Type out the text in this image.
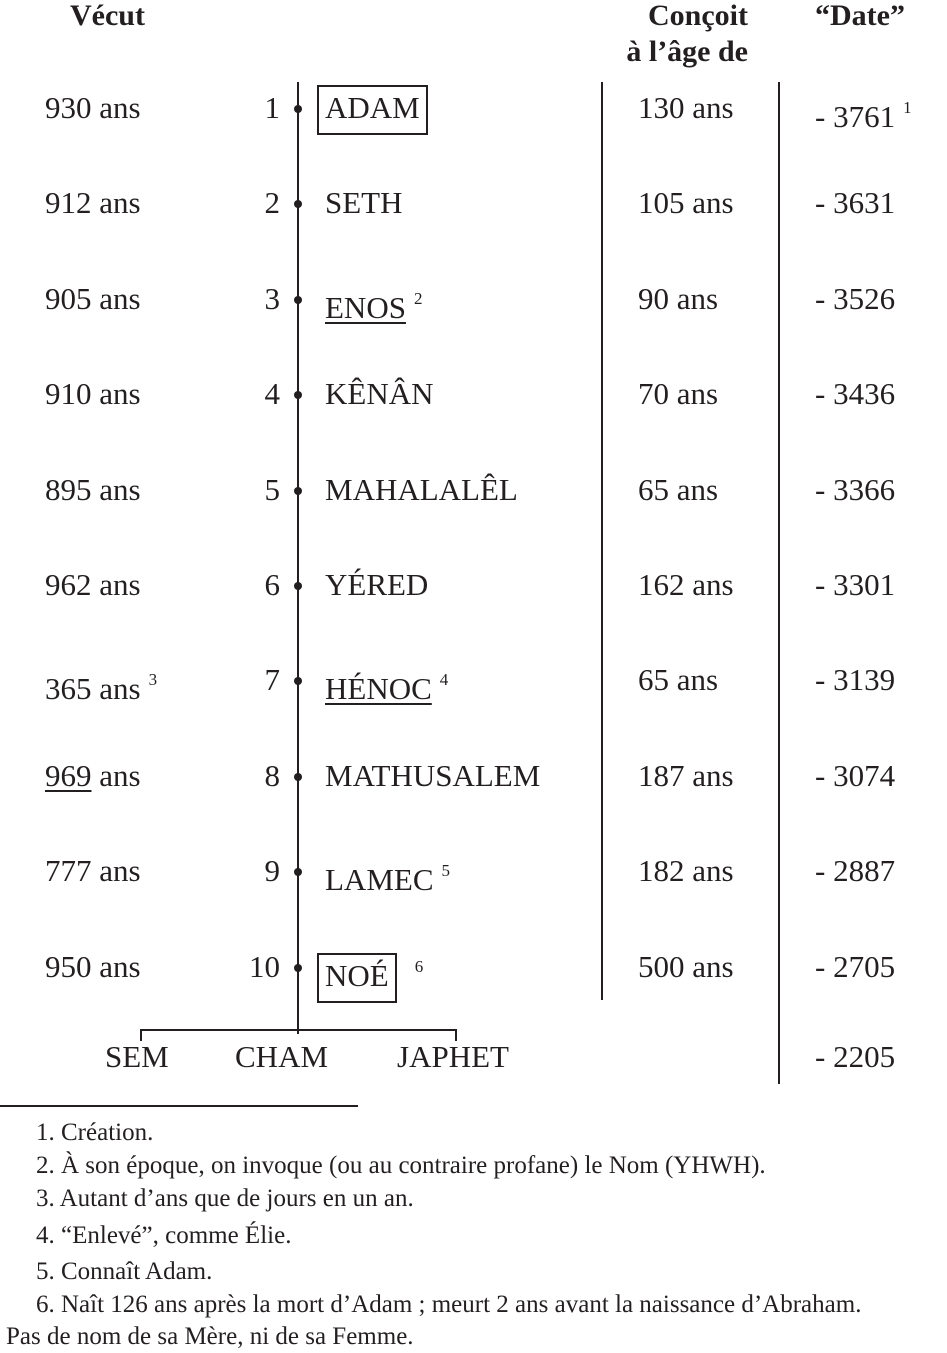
Vécut	Conçoit
à l’âge de
“Date”
930 ans	1 ADAM	130 ans	- 3761 $^1$
912 ans	2 SETH	105 ans	- 3631
905 ans	3 ENOS $^2$	90 ans	- 3526
910 ans	4 KÊNÂN	70 ans	- 3436
895 ans	5 MAHALALÊL	65 ans	- 3366
962 ans	6 YÉRED	162 ans	- 3301
365 ans $^3$	7 HÉNOC $^4$	65 ans	- 3139
969 ans	8 MATHUSALEM	187 ans	- 3074
777 ans	9 LAMEC $^5$	182 ans	- 2887
950 ans	10 NOÉ $^6$	500 ans	- 2705
SEM CHAM JAPHET	- 2205
1. Création.
2. À son époque, on invoque (ou au contraire profane) le Nom (YHWH).
3. Autant d’ans que de jours en un an.
4. “Enlevé”, comme Élie.
5. Connaît Adam.
6. Naît 126 ans après la mort d’Adam ; meurt 2 ans avant la naissance d’Abraham.
Pas de nom de sa Mère, ni de sa Femme.
